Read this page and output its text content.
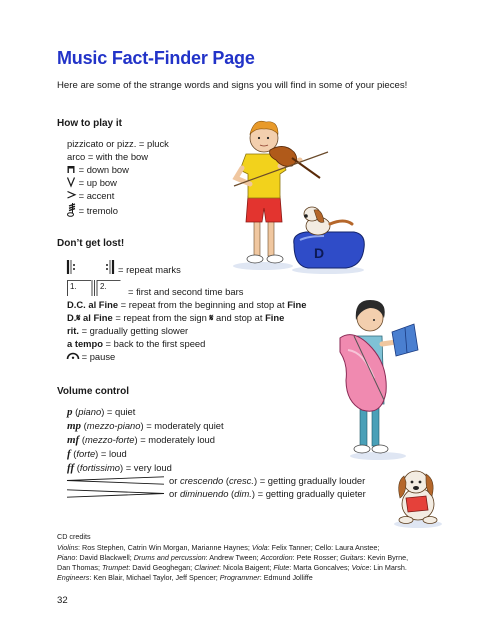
Music Fact-Finder Page
Here are some of the strange words and signs you will find in some of your pieces!
How to play it
pizzicato or pizz. = pluck
arco = with the bow
= down bow
= up bow
= accent
= tremolo
Don’t get lost!
= repeat marks
1.	2. = first and second time bars
D.C. al Fine = repeat from the beginning and stop at Fine
D.𝄋 al Fine = repeat from the sign 𝄋 and stop at Fine
rit. = gradually getting slower
a tempo = back to the first speed
= pause
Volume control
p (piano) = quiet
mp (mezzo-piano) = moderately quiet
mf (mezzo-forte) = moderately loud
f (forte) = loud
ff (fortissimo) = very loud
or crescendo (cresc.) = getting gradually louder
or diminuendo (dim.) = getting gradually quieter
CD credits
Violins: Ros Stephen, Catrin Win Morgan, Marianne Haynes; Viola: Felix Tanner; Cello: Laura Anstee;
Piano: David Blackwell; Drums and percussion: Andrew Tween; Accordion: Pete Rosser; Guitars: Kevin Byrne,
Dan Thomas; Trumpet: David Geoghegan; Clarinet: Nicola Baigent; Flute: Marta Goncalves; Voice: Lin Marsh.
Engineers: Ken Blair, Michael Taylor, Jeff Spencer; Programmer: Edmund Jolliffe
32
D
